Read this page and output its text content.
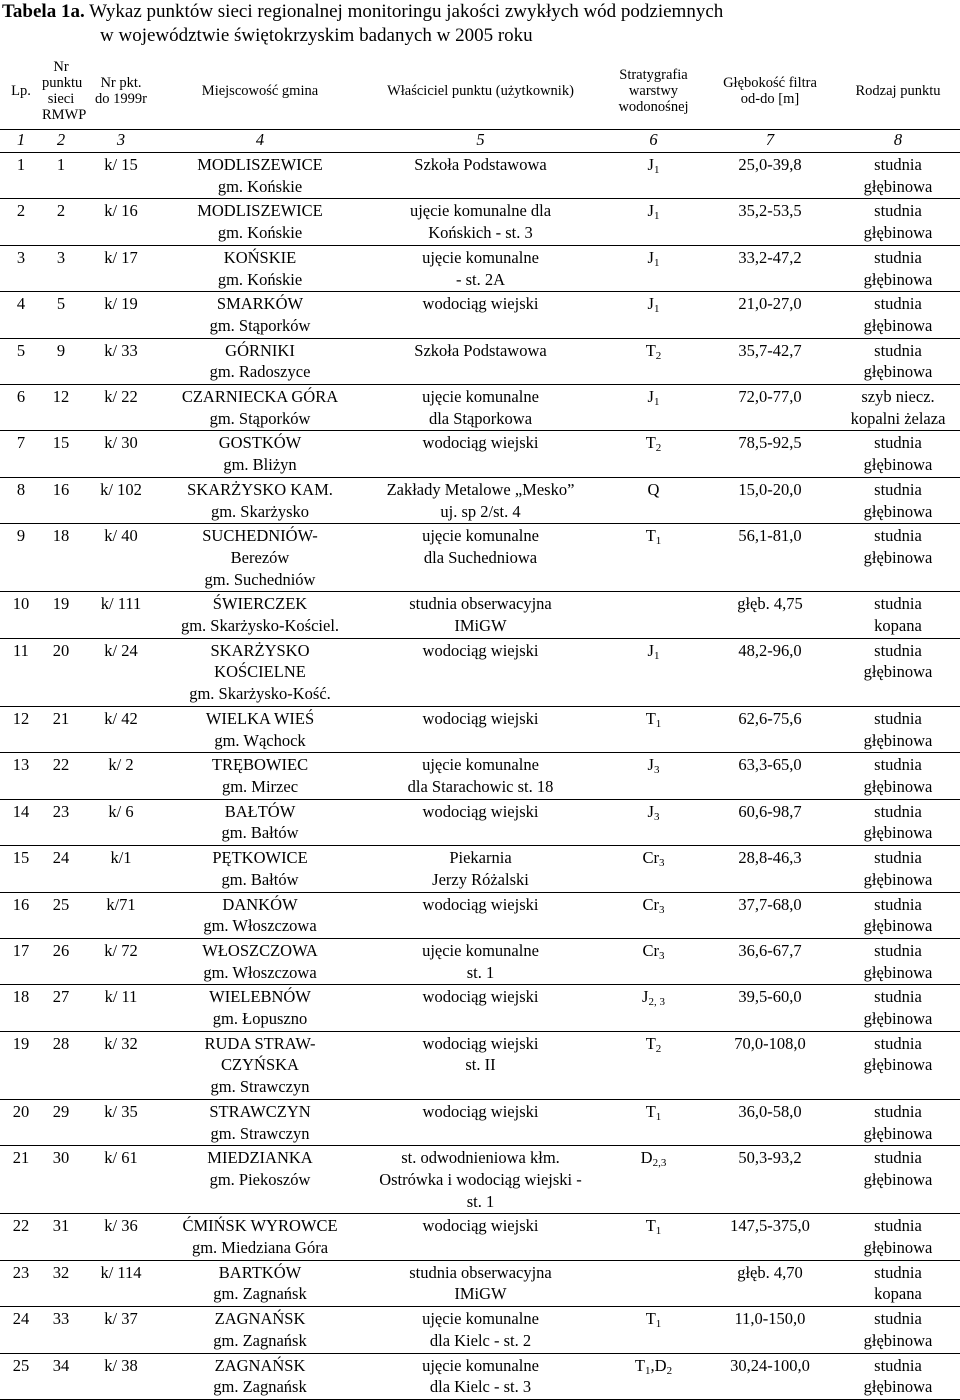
Tabela 1a. Wykaz punktów sieci regionalnej monitoringu jakości zwykłych wód podziemnych
w województwie świętokrzyskim badanych w 2005 roku
Lp.	Nr
punktu
sieci
RMWP	Nr pkt.
do 1999r	Miejscowość gmina	Właściciel punktu (użytkownik)	Stratygrafia
warstwy
wodonośnej	Głębokość filtra
od-do [m]	Rodzaj punktu
1	2	3	4	5	6	7	8
1	1	k/ 15	MODLISZEWICE
gm. Końskie	Szkoła Podstawowa	$J_1$	25,0-39,8	studnia
głębinowa
2	2	k/ 16	MODLISZEWICE
gm. Końskie	ujęcie komunalne dla
Końskich - st. 3	$J_1$	35,2-53,5	studnia
głębinowa
3	3	k/ 17	KOŃSKIE
gm. Końskie	ujęcie komunalne
- st. 2A	$J_1$	33,2-47,2	studnia
głębinowa
4	5	k/ 19	SMARKÓW
gm. Stąporków	wodociąg wiejski	$J_1$	21,0-27,0	studnia
głębinowa
5	9	k/ 33	GÓRNIKI
gm. Radoszyce	Szkoła Podstawowa	$T_2$	35,7-42,7	studnia
głębinowa
6	12	k/ 22	CZARNIECKA GÓRA
gm. Stąporków	ujęcie komunalne
dla Stąporkowa	$J_1$	72,0-77,0	szyb niecz.
kopalni żelaza
7	15	k/ 30	GOSTKÓW
gm. Bliżyn	wodociąg wiejski	$T_2$	78,5-92,5	studnia
głębinowa
8	16	k/ 102	SKARŻYSKO KAM.
gm. Skarżysko	Zakłady Metalowe „Mesko”
uj. sp 2/st. 4	Q	15,0-20,0	studnia
głębinowa
9	18	k/ 40	SUCHEDNIÓW-
Berezów
gm. Suchedniów	ujęcie komunalne
dla Suchedniowa	$T_1$	56,1-81,0	studnia
głębinowa
10	19	k/ 111	ŚWIERCZEK
gm. Skarżysko-Kościel.	studnia obserwacyjna
IMiGW		głęb. 4,75	studnia
kopana
11	20	k/ 24	SKARŻYSKO
KOŚCIELNE
gm. Skarżysko-Kość.	wodociąg wiejski	$J_1$	48,2-96,0	studnia
głębinowa
12	21	k/ 42	WIELKA WIEŚ
gm. Wąchock	wodociąg wiejski	$T_1$	62,6-75,6	studnia
głębinowa
13	22	k/ 2	TRĘBOWIEC
gm. Mirzec	ujęcie komunalne
dla Starachowic st. 18	$J_3$	63,3-65,0	studnia
głębinowa
14	23	k/ 6	BAŁTÓW
gm. Bałtów	wodociąg wiejski	$J_3$	60,6-98,7	studnia
głębinowa
15	24	k/1	PĘTKOWICE
gm. Bałtów	Piekarnia
Jerzy Różalski	$Cr_3$	28,8-46,3	studnia
głębinowa
16	25	k/71	DANKÓW
gm. Włoszczowa	wodociąg wiejski	$Cr_3$	37,7-68,0	studnia
głębinowa
17	26	k/ 72	WŁOSZCZOWA
gm. Włoszczowa	ujęcie komunalne
st. 1	$Cr_3$	36,6-67,7	studnia
głębinowa
18	27	k/ 11	WIELEBNÓW
gm. Łopuszno	wodociąg wiejski	$J_{2, 3}$	39,5-60,0	studnia
głębinowa
19	28	k/ 32	RUDA STRAW-
CZYŃSKA
gm. Strawczyn	wodociąg wiejski
st. II	$T_2$	70,0-108,0	studnia
głębinowa
20	29	k/ 35	STRAWCZYN
gm. Strawczyn	wodociąg wiejski	$T_1$	36,0-58,0	studnia
głębinowa
21	30	k/ 61	MIEDZIANKA
gm. Piekoszów	st. odwodnieniowa kłm.
Ostrówka i wodociąg wiejski -
st. 1	$D_{2,3}$	50,3-93,2	studnia
głębinowa
22	31	k/ 36	ĆMIŃSK WYROWCE
gm. Miedziana Góra	wodociąg wiejski	$T_1$	147,5-375,0	studnia
głębinowa
23	32	k/ 114	BARTKÓW
gm. Zagnańsk	studnia obserwacyjna
IMiGW		głęb. 4,70	studnia
kopana
24	33	k/ 37	ZAGNAŃSK
gm. Zagnańsk	ujęcie komunalne
dla Kielc - st. 2	$T_1$	11,0-150,0	studnia
głębinowa
25	34	k/ 38	ZAGNAŃSK
gm. Zagnańsk	ujęcie komunalne
dla Kielc - st. 3	$T_1,D_2$	30,24-100,0	studnia
głębinowa
